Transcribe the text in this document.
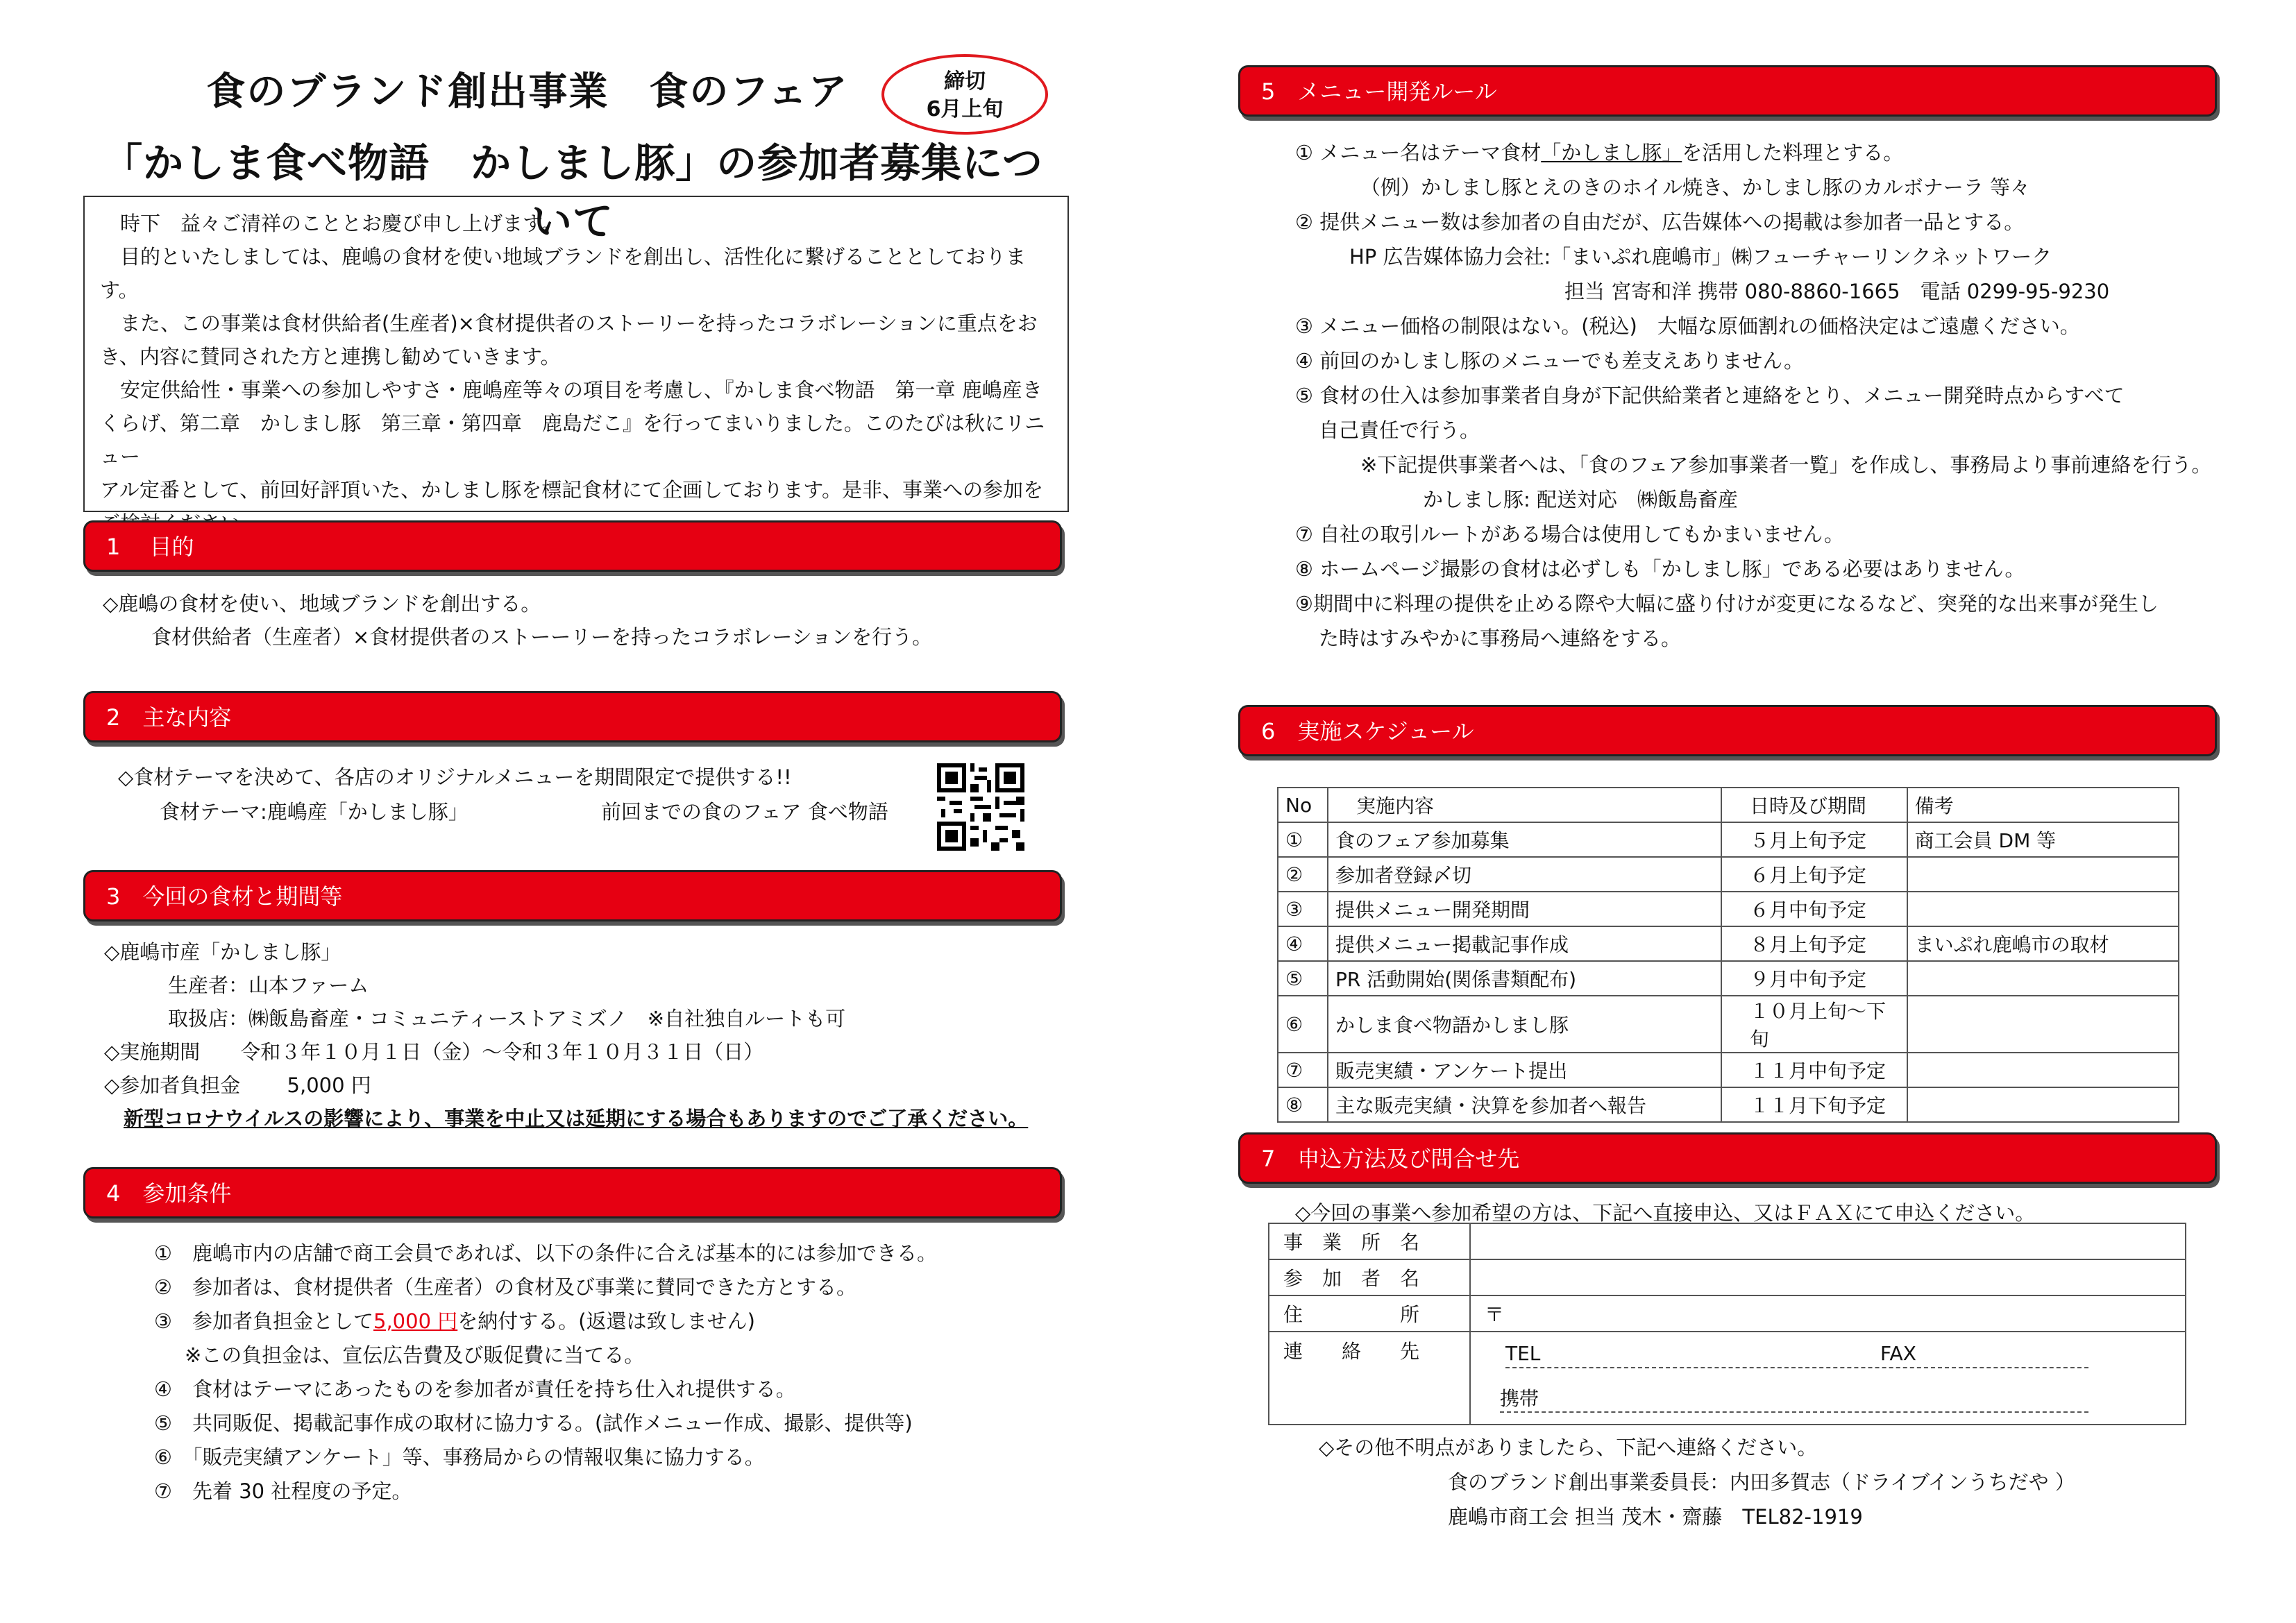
食のブランド創出事業　食のフェア
「かしま食べ物語　かしまし豚」の参加者募集について
締切
6月上旬

　時下　益々ご清祥のこととお慶び申し上げます。

　目的といたしましては、鹿嶋の食材を使い地域ブランドを創出し、活性化に繋げることとしておりま

す。

　また、この事業は食材供給者(生産者)×食材提供者のストーリーを持ったコラボレーションに重点をお

き、内容に賛同された方と連携し勧めていきます。

　安定供給性・事業への参加しやすさ・鹿嶋産等々の項目を考慮し、『かしま食べ物語　第一章 鹿嶋産き

くらげ、第二章　かしまし豚　第三章・第四章　鹿島だこ』を行ってまいりました。このたびは秋にリニュー

アル定番として、前回好評頂いた、かしまし豚を標記食材にて企画しております。是非、事業への参加を

1　 目的
◇鹿嶋の食材を使い、地域ブランドを創出する。
食材供給者（生産者）×食材提供者のストーーリーを持ったコラボレーションを行う。
2　主な内容
◇食材テーマを決めて、各店のオリジナルメニューを期間限定で提供する!!
食材テーマ:鹿嶋産「かしまし豚」	前回までの食のフェア 食べ物語
3　今回の食材と期間等
◇鹿嶋市産「かしまし豚」
生産者：山本ファーム
取扱店：㈱飯島畜産・コミュニティーストアミズノ　※自社独自ルートも可
◇実施期間　　令和３年１０月１日（金）～令和３年１０月３１日（日）
◇参加者負担金　　 5,000 円
新型コロナウイルスの影響により、事業を中止又は延期にする場合もありますのでご了承ください。
4　参加条件
①　鹿嶋市内の店舗で商工会員であれば、以下の条件に合えば基本的には参加できる。
②　参加者は、食材提供者（生産者）の食材及び事業に賛同できた方とする。
③　参加者負担金として5,000 円を納付する。(返還は致しません)
※この負担金は、宣伝広告費及び販促費に当てる。
④　食材はテーマにあったものを参加者が責任を持ち仕入れ提供する。
⑤　共同販促、掲載記事作成の取材に協力する。(試作メニュー作成、撮影、提供等)
⑥　「販売実績アンケート」等、事務局からの情報収集に協力する。
⑦　先着 30 社程度の予定。
5　メニュー開発ルール
① メニュー名はテーマ食材「かしまし豚」を活用した料理とする。
（例）かしまし豚とえのきのホイル焼き、かしまし豚のカルボナーラ 等々
② 提供メニュー数は参加者の自由だが、広告媒体への掲載は参加者一品とする。
HP 広告媒体協力会社:「まいぷれ鹿嶋市」㈱フューチャーリンクネットワーク
担当 宮寄和洋 携帯 080-8860-1665　電話 0299-95-9230
③ メニュー価格の制限はない。(税込)　大幅な原価割れの価格決定はご遠慮ください。
④ 前回のかしまし豚のメニューでも差支えありません。
⑤ 食材の仕入は参加事業者自身が下記供給業者と連絡をとり、メニュー開発時点からすべて
自己責任で行う。
※下記提供事業者へは、「食のフェア参加事業者一覧」を作成し、事務局より事前連絡を行う。
かしまし豚: 配送対応　㈱飯島畜産
⑦ 自社の取引ルートがある場合は使用してもかまいません。
⑧ ホームページ撮影の食材は必ずしも「かしまし豚」である必要はありません。
⑨期間中に料理の提供を止める際や大幅に盛り付けが変更になるなど、突発的な出来事が発生し
た時はすみやかに事務局へ連絡をする。
6　実施スケジュール
No	実施内容	日時及び期間	備考
①	食のフェア参加募集	５月上旬予定	商工会員 DM 等
②	参加者登録〆切	６月上旬予定	
③	提供メニュー開発期間	６月中旬予定	
④	提供メニュー掲載記事作成	８月上旬予定	まいぷれ鹿嶋市の取材
⑤	PR 活動開始(関係書類配布)	９月中旬予定	
⑥	かしま食べ物語かしまし豚	１０月上旬～下旬	
⑦	販売実績・アンケート提出	１１月中旬予定	
⑧	主な販売実績・決算を参加者へ報告	１１月下旬予定	
7　申込方法及び問合せ先
◇今回の事業へ参加希望の方は、下記へ直接申込、又はＦＡＸにて申込ください。
事　業　所　名	
参　加　者　名	
住　　　　　所	〒
連　　絡　　先	TEL FAX
携帯
◇その他不明点がありましたら、下記へ連絡ください。
食のブランド創出事業委員長：内田多賀志（ドライブインうちだや ）
鹿嶋市商工会 担当 茂木・齋藤　TEL82-1919
